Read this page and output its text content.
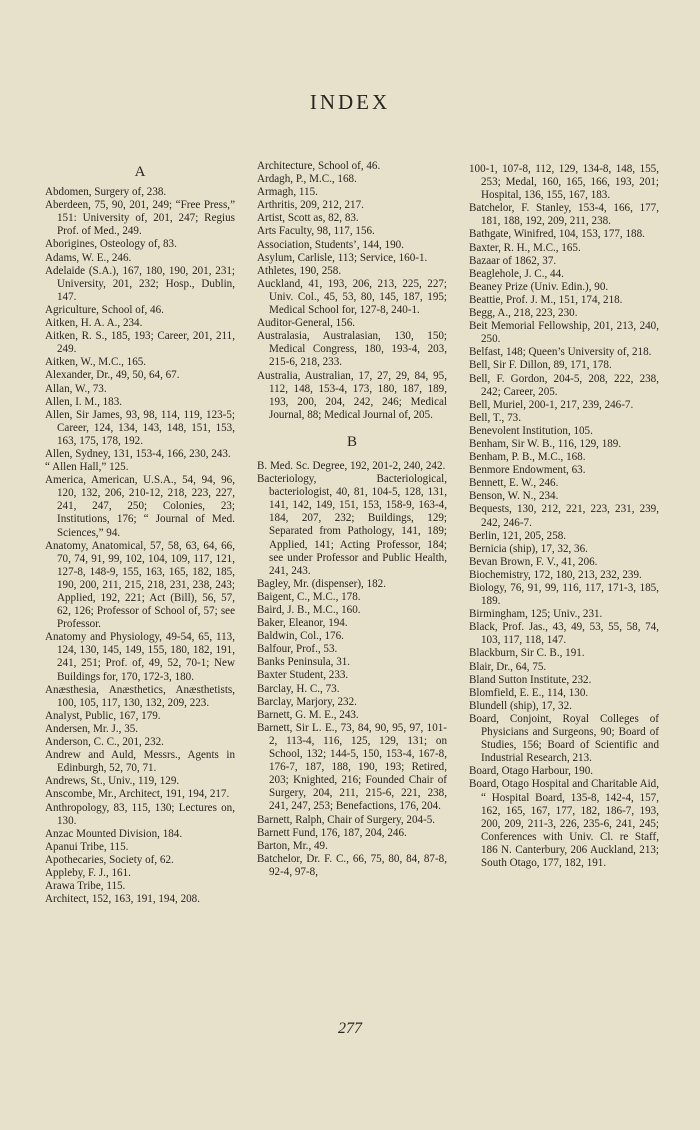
INDEX
A

Abdomen, Surgery of, 238.

Aberdeen, 75, 90, 201, 249; “Free Press,” 151: University of, 201, 247; Regius Prof. of Med., 249.

Aborigines, Osteology of, 83.

Adams, W. E., 246.

Adelaide (S.A.), 167, 180, 190, 201, 231; University, 201, 232; Hosp., Dublin, 147.

Agriculture, School of, 46.

Aitken, H. A. A., 234.

Aitken, R. S., 185, 193; Career, 201, 211, 249.

Aitken, W., M.C., 165.

Alexander, Dr., 49, 50, 64, 67.

Allan, W., 73.

Allen, I. M., 183.

Allen, Sir James, 93, 98, 114, 119, 123-5; Career, 124, 134, 143, 148, 151, 153, 163, 175, 178, 192.

Allen, Sydney, 131, 153-4, 166, 230, 243.

“ Allen Hall,” 125.

America, American, U.S.A., 54, 94, 96, 120, 132, 206, 210-12, 218, 223, 227, 241, 247, 250; Colonies, 23; Institutions, 176; “ Journal of Med. Sciences,” 94.

Anatomy, Anatomical, 57, 58, 63, 64, 66, 70, 74, 91, 99, 102, 104, 109, 117, 121, 127-8, 148-9, 155, 163, 165, 182, 185, 190, 200, 211, 215, 218, 231, 238, 243; Applied, 192, 221; Act (Bill), 56, 57, 62, 126; Professor of School of, 57; see Professor.

Anatomy and Physiology, 49-54, 65, 113, 124, 130, 145, 149, 155, 180, 182, 191, 241, 251; Prof. of, 49, 52, 70-1; New Buildings for, 170, 172-3, 180.

Anæsthesia, Anæsthetics, Anæsthetists, 100, 105, 117, 130, 132, 209, 223.

Analyst, Public, 167, 179.

Andersen, Mr. J., 35.

Anderson, C. C., 201, 232.

Andrew and Auld, Messrs., Agents in Edinburgh, 52, 70, 71.

Andrews, St., Univ., 119, 129.

Anscombe, Mr., Architect, 191, 194, 217.

Anthropology, 83, 115, 130; Lectures on, 130.

Anzac Mounted Division, 184.

Apanui Tribe, 115.

Apothecaries, Society of, 62.

Appleby, F. J., 161.

Arawa Tribe, 115.

Architect, 152, 163, 191, 194, 208.

Architecture, School of, 46.

Ardagh, P., M.C., 168.

Armagh, 115.

Arthritis, 209, 212, 217.

Artist, Scott as, 82, 83.

Arts Faculty, 98, 117, 156.

Association, Students’, 144, 190.

Asylum, Carlisle, 113; Service, 160-1.

Athletes, 190, 258.

Auckland, 41, 193, 206, 213, 225, 227; Univ. Col., 45, 53, 80, 145, 187, 195; Medical School for, 127-8, 240-1.

Auditor-General, 156.

Australasia, Australasian, 130, 150; Medical Congress, 180, 193-4, 203, 215-6, 218, 233.

Australia, Australian, 17, 27, 29, 84, 95, 112, 148, 153-4, 173, 180, 187, 189, 193, 200, 204, 242, 246; Medical Journal, 88; Medical Journal of, 205.

B

B. Med. Sc. Degree, 192, 201-2, 240, 242.

Bacteriology, Bacteriological, bacteriologist, 40, 81, 104-5, 128, 131, 141, 142, 149, 151, 153, 158-9, 163-4, 184, 207, 232; Buildings, 129; Separated from Pathology, 141, 189; Applied, 141; Acting Professor, 184; see under Professor and Public Health, 241, 243.

Bagley, Mr. (dispenser), 182.

Baigent, C., M.C., 178.

Baird, J. B., M.C., 160.

Baker, Eleanor, 194.

Baldwin, Col., 176.

Balfour, Prof., 53.

Banks Peninsula, 31.

Baxter Student, 233.

Barclay, H. C., 73.

Barclay, Marjory, 232.

Barnett, G. M. E., 243.

Barnett, Sir L. E., 73, 84, 90, 95, 97, 101-2, 113-4, 116, 125, 129, 131; on School, 132; 144-5, 150, 153-4, 167-8, 176-7, 187, 188, 190, 193; Retired, 203; Knighted, 216; Founded Chair of Surgery, 204, 211, 215-6, 221, 238, 241, 247, 253; Benefactions, 176, 204.

Barnett, Ralph, Chair of Surgery, 204-5.

Barnett Fund, 176, 187, 204, 246.

Barton, Mr., 49.

Batchelor, Dr. F. C., 66, 75, 80, 84, 87-8, 92-4, 97-8,

100-1, 107-8, 112, 129, 134-8, 148, 155, 253; Medal, 160, 165, 166, 193, 201; Hospital, 136, 155, 167, 183.

Batchelor, F. Stanley, 153-4, 166, 177, 181, 188, 192, 209, 211, 238.

Bathgate, Winifred, 104, 153, 177, 188.

Baxter, R. H., M.C., 165.

Bazaar of 1862, 37.

Beaglehole, J. C., 44.

Beaney Prize (Univ. Edin.), 90.

Beattie, Prof. J. M., 151, 174, 218.

Begg, A., 218, 223, 230.

Beit Memorial Fellowship, 201, 213, 240, 250.

Belfast, 148; Queen’s University of, 218.

Bell, Sir F. Dillon, 89, 171, 178.

Bell, F. Gordon, 204-5, 208, 222, 238, 242; Career, 205.

Bell, Muriel, 200-1, 217, 239, 246-7.

Bell, T., 73.

Benevolent Institution, 105.

Benham, Sir W. B., 116, 129, 189.

Benham, P. B., M.C., 168.

Benmore Endowment, 63.

Bennett, E. W., 246.

Benson, W. N., 234.

Bequests, 130, 212, 221, 223, 231, 239, 242, 246-7.

Berlin, 121, 205, 258.

Bernicia (ship), 17, 32, 36.

Bevan Brown, F. V., 41, 206.

Biochemistry, 172, 180, 213, 232, 239.

Biology, 76, 91, 99, 116, 117, 171-3, 185, 189.

Birmingham, 125; Univ., 231.

Black, Prof. Jas., 43, 49, 53, 55, 58, 74, 103, 117, 118, 147.

Blackburn, Sir C. B., 191.

Blair, Dr., 64, 75.

Bland Sutton Institute, 232.

Blomfield, E. E., 114, 130.

Blundell (ship), 17, 32.

Board, Conjoint, Royal Colleges of Physicians and Surgeons, 90; Board of Studies, 156; Board of Scientific and Industrial Research, 213.

Board, Otago Harbour, 190.

Board, Otago Hospital and Charitable Aid, “ Hospital Board, 135-8, 142-4, 157, 162, 165, 167, 177, 182, 186-7, 193, 200, 209, 211-3, 226, 235-6, 241, 245; Conferences with Univ. Cl. re Staff, 186 N. Canterbury, 206 Auckland, 213; South Otago, 177, 182, 191.

277
